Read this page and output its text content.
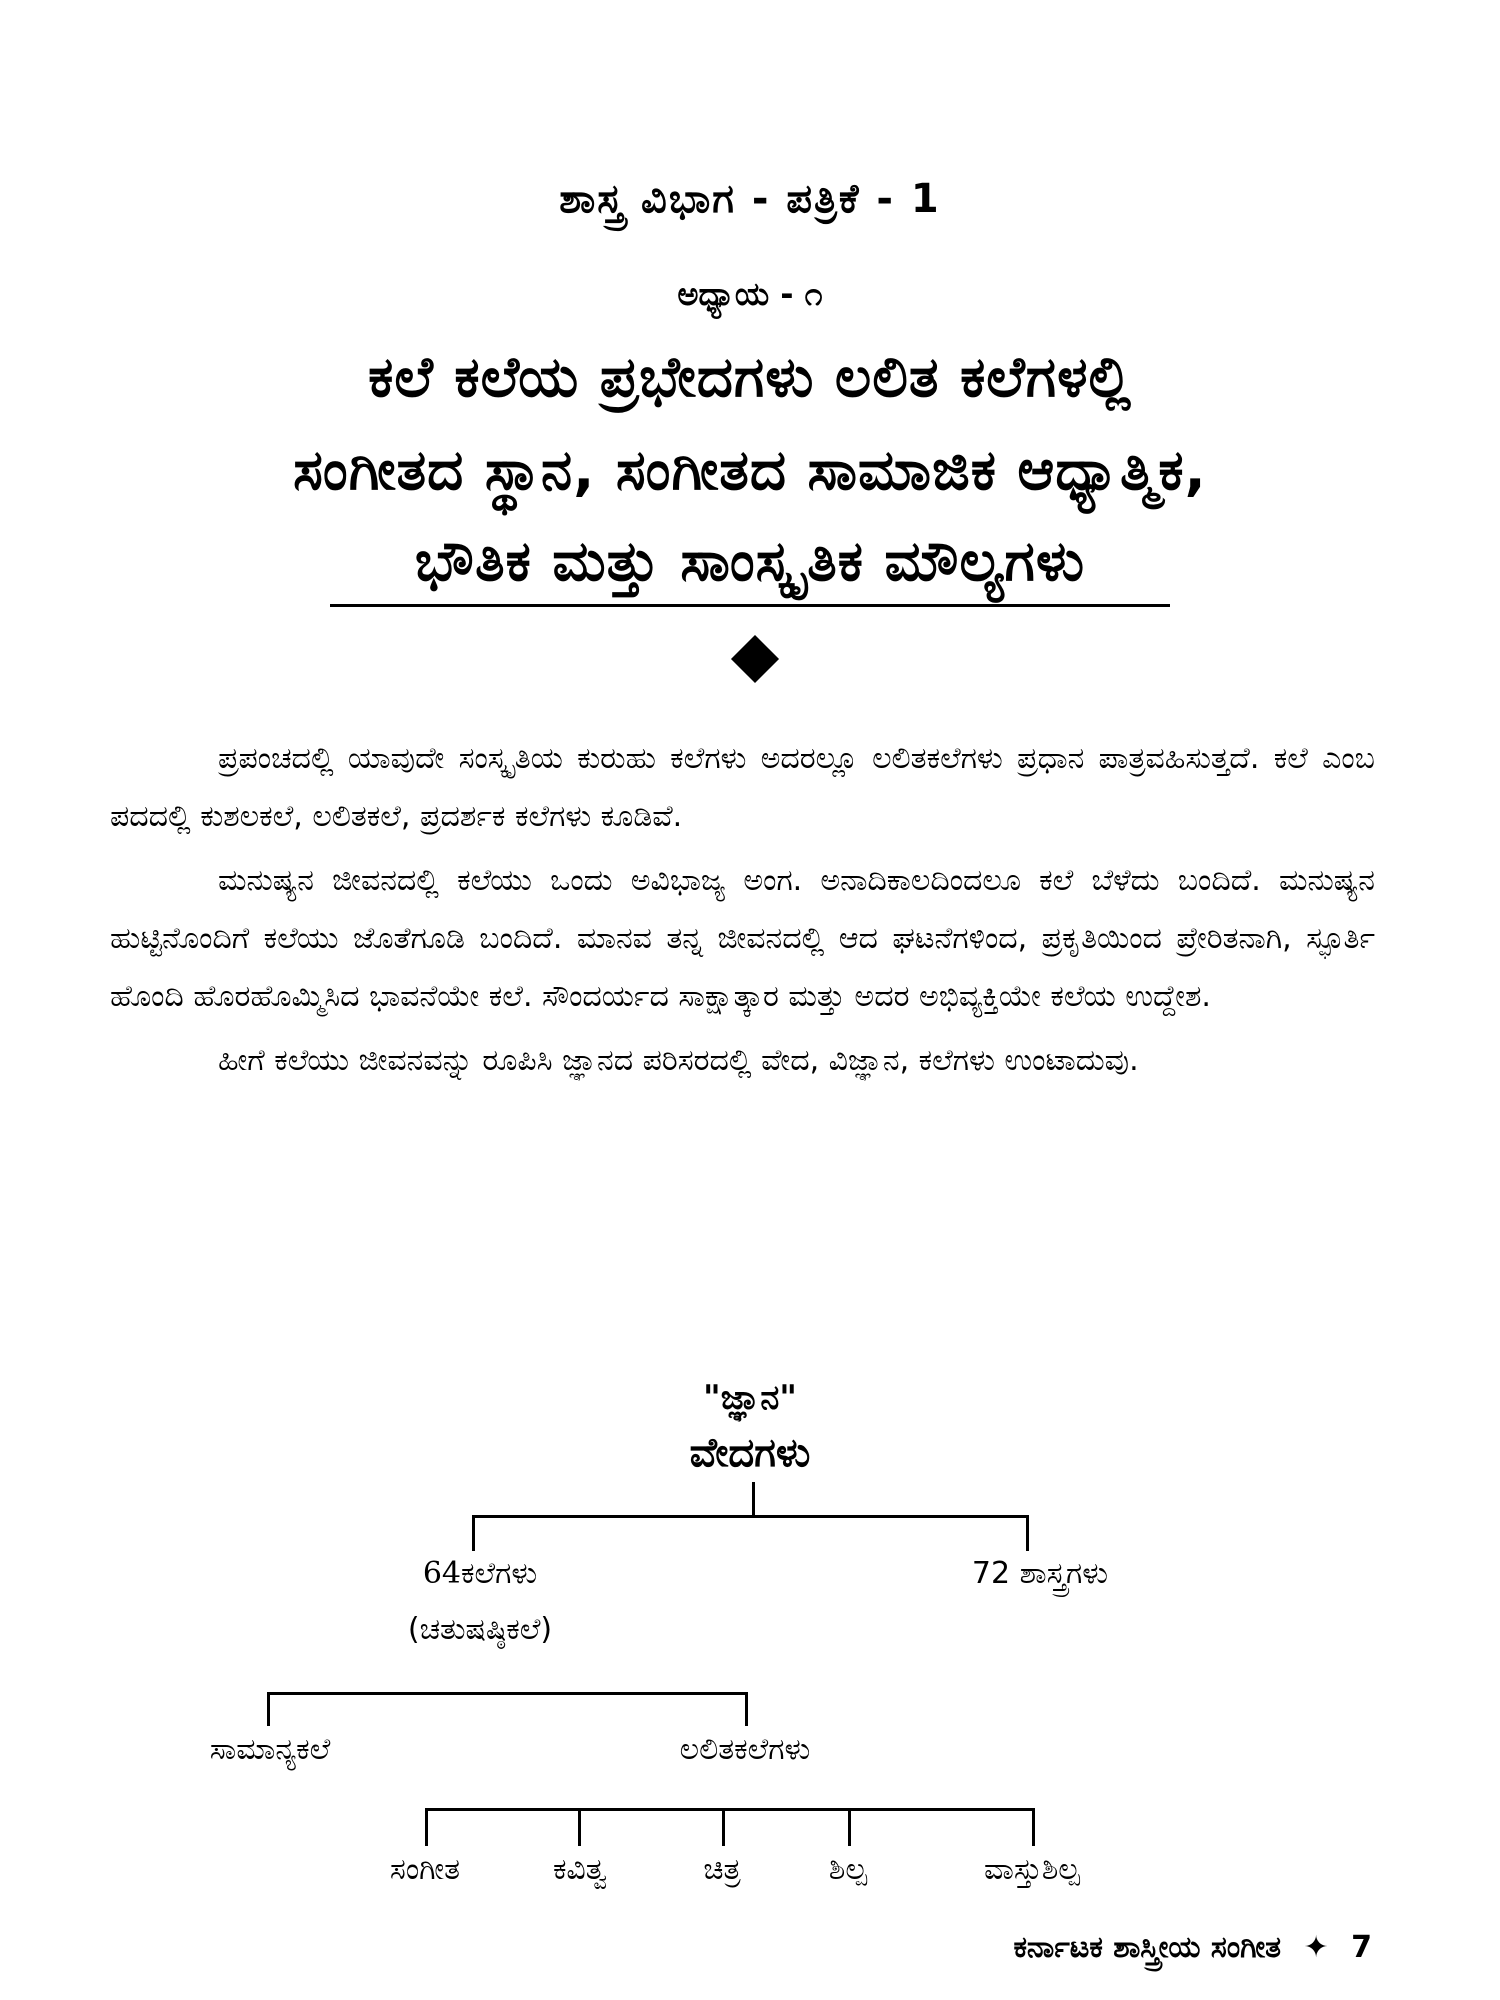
ಶಾಸ್ತ್ರ ವಿಭಾಗ - ಪತ್ರಿಕೆ - 1
ಅಧ್ಯಾಯ - ೧
ಕಲೆ ಕಲೆಯ ಪ್ರಭೇದಗಳು ಲಲಿತ ಕಲೆಗಳಲ್ಲಿ
ಸಂಗೀತದ ಸ್ಥಾನ, ಸಂಗೀತದ ಸಾಮಾಜಿಕ ಆಧ್ಯಾತ್ಮಿಕ,
ಭೌತಿಕ ಮತ್ತು ಸಾಂಸ್ಕೃತಿಕ ಮೌಲ್ಯಗಳು

ಪ್ರಪಂಚದಲ್ಲಿ ಯಾವುದೇ ಸಂಸ್ಕೃತಿಯ ಕುರುಹು ಕಲೆಗಳು ಅದರಲ್ಲೂ ಲಲಿತಕಲೆಗಳು ಪ್ರಧಾನ ಪಾತ್ರವಹಿಸುತ್ತದೆ. ಕಲೆ ಎಂಬ ಪದದಲ್ಲಿ ಕುಶಲಕಲೆ, ಲಲಿತಕಲೆ, ಪ್ರದರ್ಶಕ ಕಲೆಗಳು ಕೂಡಿವೆ.

ಮನುಷ್ಯನ ಜೀವನದಲ್ಲಿ ಕಲೆಯು ಒಂದು ಅವಿಭಾಜ್ಯ ಅಂಗ. ಅನಾದಿಕಾಲದಿಂದಲೂ ಕಲೆ ಬೆಳೆದು ಬಂದಿದೆ. ಮನುಷ್ಯನ ಹುಟ್ಟಿನೊಂದಿಗೆ ಕಲೆಯು ಜೊತೆಗೂಡಿ ಬಂದಿದೆ. ಮಾನವ ತನ್ನ ಜೀವನದಲ್ಲಿ ಆದ ಘಟನೆಗಳಿಂದ, ಪ್ರಕೃತಿಯಿಂದ ಪ್ರೇರಿತನಾಗಿ, ಸ್ಫೂರ್ತಿ ಹೊಂದಿ ಹೊರಹೊಮ್ಮಿಸಿದ ಭಾವನೆಯೇ ಕಲೆ. ಸೌಂದರ್ಯದ ಸಾಕ್ಷಾತ್ಕಾರ ಮತ್ತು ಅದರ ಅಭಿವ್ಯಕ್ತಿಯೇ ಕಲೆಯ ಉದ್ದೇಶ.

ಹೀಗೆ ಕಲೆಯು ಜೀವನವನ್ನು ರೂಪಿಸಿ ಜ್ಞಾನದ ಪರಿಸರದಲ್ಲಿ ವೇದ, ವಿಜ್ಞಾನ, ಕಲೆಗಳು ಉಂಟಾದುವು.

"ಜ್ಞಾನ"
ವೇದಗಳು
64ಕಲೆಗಳು
(ಚತುಷಷ್ಠಿಕಲೆ)
72 ಶಾಸ್ತ್ರಗಳು
ಸಾಮಾನ್ಯಕಲೆ	ಲಲಿತಕಲೆಗಳು
ಸಂಗೀತ	ಕವಿತ್ವ	ಚಿತ್ರ	ಶಿಲ್ಪ	ವಾಸ್ತುಶಿಲ್ಪ
ಕರ್ನಾಟಕ ಶಾಸ್ತ್ರೀಯ ಸಂಗೀತ ✦ 7
